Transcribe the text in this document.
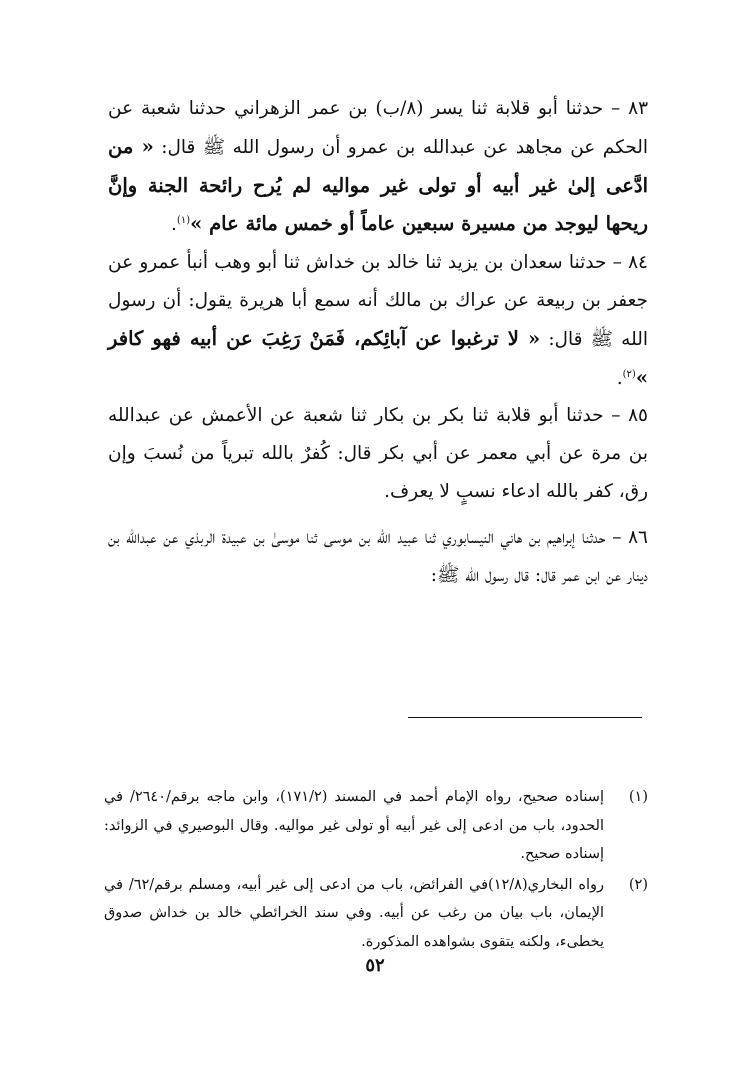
٨٣ – حدثنا أبو قلابة ثنا يسر (٨/ب) بن عمر الزهراني حدثنا شعبة عن الحكم عن مجاهد عن عبدالله بن عمرو أن رسول الله ﷺ قال: « من ادَّعى إلىٰ غير أبيه أو تولى غير مواليه لم يُرح رائحة الجنة وإنَّ ريحها ليوجد من مسيرة سبعين عاماً أو خمس مائة عام »$^{(١)}$.

٨٤ – حدثنا سعدان بن يزيد ثنا خالد بن خداش ثنا أبو وهب أنبأ عمرو عن جعفر بن ربيعة عن عراك بن مالك أنه سمع أبا هريرة يقول: أن رسول الله ﷺ قال: « لا ترغبوا عن آبائِكم، فَمَنْ رَغِبَ عن أبيه فهو كافر »$^{(٢)}$.

٨٥ – حدثنا أبو قلابة ثنا بكر بن بكار ثنا شعبة عن الأعمش عن عبدالله بن مرة عن أبي معمر عن أبي بكر قال: كُفرٌ بالله تبرياً من نُسبَ وإن رق، كفر بالله ادعاء نسبٍ لا يعرف.

٨٦ – حدثنا إبراهيم بن هاني النيسابوري ثنا عبيد الله بن موسى ثنا موسىٰ بن عبيدة الربذي عن عبدالله بن دينار عن ابن عمر قال: قال رسول الله ﷺ:

(١)
إسناده صحيح، رواه الإمام أحمد في المسند (١٧١/٢)، وابن ماجه برقم/٢٦٤٠/ في الحدود، باب من ادعى إلى غير أبيه أو تولى غير مواليه. وقال البوصيري في الزوائد: إسناده صحيح.
(٢)
رواه البخاري(١٢/٨)في الفرائض، باب من ادعى إلى غير أبيه، ومسلم برقم/٦٢/ في الإيمان، باب بيان من رغب عن أبيه. وفي سند الخرائطي خالد بن خداش صدوق يخطىء، ولكنه يتقوى بشواهده المذكورة.
٥٢
